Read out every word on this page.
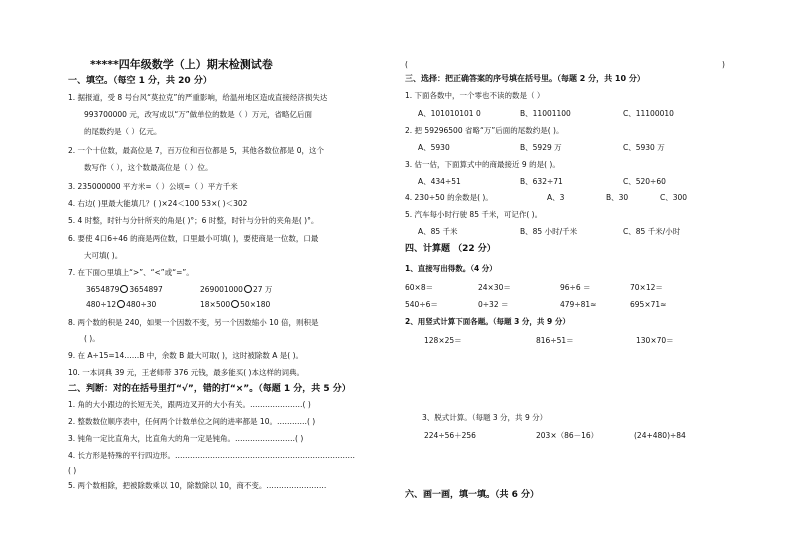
*****四年级数学（上）期末检测试卷
一、填空。（每空 1 分，共 20 分）
1. 据报道，受 8 号台风“莫拉克”的严重影响，给温州地区造成直接经济损失达
993700000 元，改写成以“万”做单位的数是（ ）万元，省略亿后面
的尾数约是（ ）亿元。
2. 一个十位数，最高位是 7，百万位和百位都是 5，其他各数位都是 0，这个
数写作（ ），这个数最高位是（ ）位。
3. 235000000 平方米=（ ）公顷=（ ）平方千米
4. 右边( )里最大能填几？( )×24＜100 53×( )＜302
5. 4 时整，时针与分针所夹的角是( )°；6 时整，时针与分针的夹角是( )°。
6. 要使 4口6÷46 的商是两位数，口里最小可填( )，要使商是一位数，口最
大可填( )。
7. 在下面○里填上“>”、“<”或“=”。
3654879 3654897	269001000 27 万
480÷12 480÷30	18×500 50×180
8. 两个数的积是 240，如果一个因数不变，另一个因数缩小 10 倍，则积是
( )。
9. 在 A÷15=14……B 中，余数 B 最大可取( )，这时被除数 A 是( )。
10. 一本词典 39 元，王老师带 376 元钱，最多能买( )本这样的词典。
二、判断：对的在括号里打“√”，错的打“×”。（每题 1 分，共 5 分）
1. 角的大小跟边的长短无关，跟两边叉开的大小有关。…………………( )
2. 整数数位顺序表中，任何两个计数单位之间的进率都是 10。…………( )
3. 钝角一定比直角大，比直角大的角一定是钝角。……………………( )
4. 长方形是特殊的平行四边形。………………………………………………………………
( )
5. 两个数相除，把被除数乘以 10，除数除以 10，商不变。……………………
(	)
三、选择：把正确答案的序号填在括号里。（每题 2 分，共 10 分）
1. 下面各数中，一个零也不读的数是（ ）
A、101010101 0	B、11001100	C、11100010
2. 把 59296500 省略“万”后面的尾数约是( )。
A、5930	B、5929 万	C、5930 万
3. 估一估，下面算式中的商最接近 9 的是( )。
A、434÷51	B、632÷71	C、520÷60
4. 230÷50 的余数是( )。	A、3	B、30	C、300
5. 汽车每小时行驶 85 千米，可记作( )。
A、85 千米	B、85 小时/千米	C、85 千米/小时
四、计算题 （22 分）
1、直接写出得数。（4 分）
60×8＝	24×30＝	96÷6 ＝	70×12＝
540÷6＝	0÷32 ＝	479÷81≈	695×71≈
2、用竖式计算下面各题。（每题 3 分，共 9 分）
128×25＝	816÷51＝	130×70＝
3、脱式计算。（每题 3 分，共 9 分）
224÷56＋256	203×（86－16）	(24+480)÷84
六、画一画，填一填。（共 6 分）
